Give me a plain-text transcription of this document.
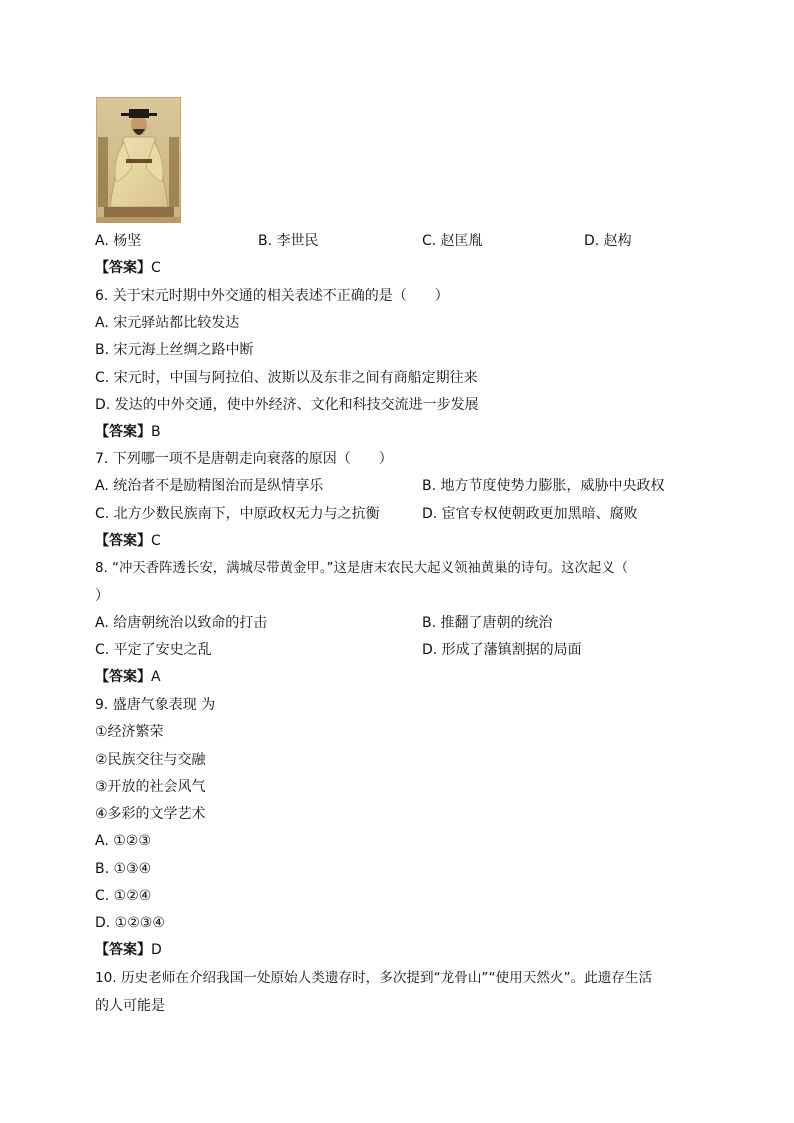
A. 杨坚	B. 李世民	C. 赵匡胤	D. 赵构
【答案】C
6. 关于宋元时期中外交通的相关表述不正确的是（　　）
A. 宋元驿站都比较发达
B. 宋元海上丝绸之路中断
C. 宋元时，中国与阿拉伯、波斯以及东非之间有商船定期往来
D. 发达的中外交通，使中外经济、文化和科技交流进一步发展
【答案】B
7. 下列哪一项不是唐朝走向衰落的原因（　　）
A. 统治者不是励精图治而是纵情享乐	B. 地方节度使势力膨胀，威胁中央政权
C. 北方少数民族南下，中原政权无力与之抗衡	D. 宦官专权使朝政更加黑暗、腐败
【答案】C
8. “冲天香阵透长安，满城尽带黄金甲。”这是唐末农民大起义领袖黄巢的诗句。这次起义（
）
A. 给唐朝统治以致命的打击	B. 推翻了唐朝的统治
C. 平定了安史之乱	D. 形成了藩镇割据的局面
【答案】A
9. 盛唐气象表现 为
①经济繁荣
②民族交往与交融
③开放的社会风气
④多彩的文学艺术
A. ①②③
B. ①③④
C. ①②④
D. ①②③④
【答案】D
10. 历史老师在介绍我国一处原始人类遗存时，多次提到“龙骨山”“使用天然火”。此遗存生活
的人可能是
